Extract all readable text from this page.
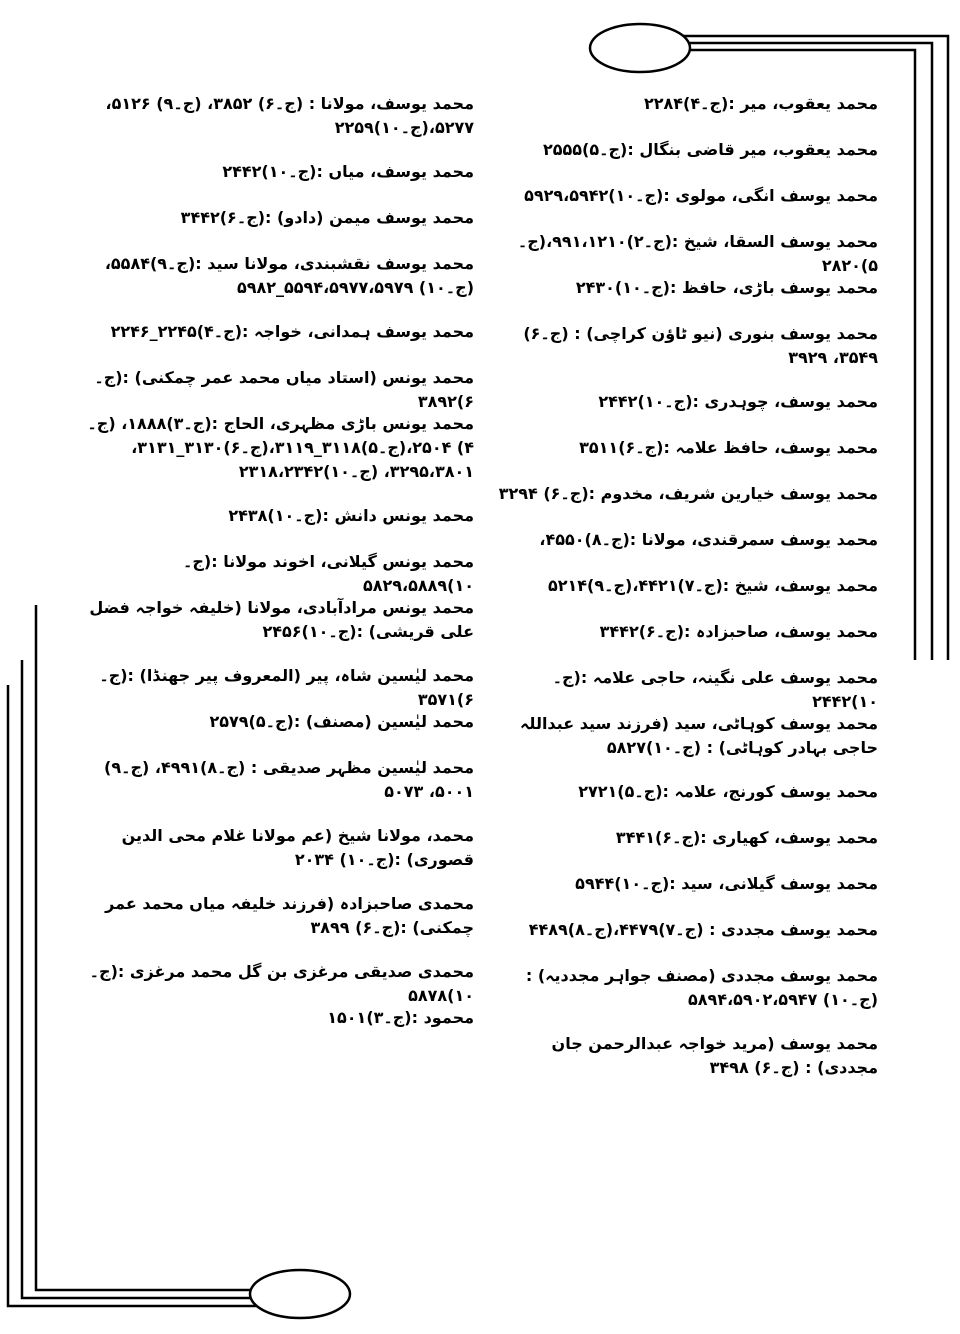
محمد یعقوب، میر :(ج۔۴)۲۲۸۴
محمد یعقوب، میر قاضی بنگال :(ج۔۵)۲۵۵۵
محمد یوسف انگی، مولوی :(ج۔۱۰)۵۹۲۹،۵۹۴۲
محمد یوسف السقا، شیخ :(ج۔۲)۹۹۱،۱۲۱۰،(ج۔۵)۲۸۲۰
محمد یوسف باڑی، حافظ :(ج۔۱۰)۲۴۳۰
محمد یوسف بنوری (نیو ٹاؤن کراچی) : (ج۔۶) ۳۵۴۹، ۳۹۲۹
محمد یوسف، چوہدری :(ج۔۱۰)۲۴۴۲
محمد یوسف، حافظ علامہ :(ج۔۶)۳۵۱۱
محمد یوسف خیارین شریف، مخدوم :(ج۔۶) ۳۲۹۴
محمد یوسف سمرقندی، مولانا :(ج۔۸)۴۵۵۰،
محمد یوسف، شیخ :(ج۔۷)۴۴۲۱،(ج۔۹)۵۲۱۴
محمد یوسف، صاحبزادہ :(ج۔۶)۳۴۴۲
محمد یوسف علی نگینہ، حاجی علامہ :(ج۔۱۰)۲۴۴۲
محمد یوسف کوہاٹی، سید (فرزند سید عبداللہ حاجی بہادر کوہاٹی) : (ج۔۱۰)۵۸۲۷
محمد یوسف کورنج، علامہ :(ج۔۵)۲۷۲۱
محمد یوسف، کھیاری :(ج۔۶)۳۴۴۱
محمد یوسف گیلانی، سید :(ج۔۱۰)۵۹۴۴
محمد یوسف مجددی : (ج۔۷)۴۴۷۹،(ج۔۸)۴۴۸۹
محمد یوسف مجددی (مصنف جواہر مجددیہ) : (ج۔۱۰) ۵۸۹۴،۵۹۰۲،۵۹۴۷
محمد یوسف (مرید خواجہ عبدالرحمن جان مجددی) : (ج۔۶) ۳۴۹۸
محمد یوسف، مولانا : (ج۔۶) ۳۸۵۲، (ج۔۹) ۵۱۲۶، ۵۲۷۷،(ج۔۱۰)۲۲۵۹
محمد یوسف، میاں :(ج۔۱۰)۲۴۴۲
محمد یوسف میمن (دادو) :(ج۔۶)۳۴۴۲
محمد یوسف نقشبندی، مولانا سید :(ج۔۹)۵۵۸۴،(ج۔۱۰) ۵۵۹۴،۵۹۷۷،۵۹۷۹_۵۹۸۲
محمد یوسف ہمدانی، خواجہ :(ج۔۴)۲۲۴۵_۲۲۴۶
محمد یونس (استاد میاں محمد عمر چمکنی) :(ج۔۶)۳۸۹۲
محمد یونس باڑی مظہری، الحاج :(ج۔۳)۱۸۸۸، (ج۔۴) ۲۵۰۴،(ج۔۵)۳۱۱۸_۳۱۱۹،(ج۔۶)۳۱۳۰_۳۱۳۱، ۳۲۹۵،۳۸۰۱، (ج۔۱۰)۲۳۱۸،۲۳۴۲
محمد یونس دانش :(ج۔۱۰)۲۴۳۸
محمد یونس گیلانی، اخوند مولانا :(ج۔۱۰)۵۸۲۹،۵۸۸۹
محمد یونس مرادآبادی، مولانا (خلیفہ خواجہ فضل علی قریشی) :(ج۔۱۰)۲۴۵۶
محمد لیٰسین شاہ، پیر (المعروف پیر جھنڈا) :(ج۔۶)۳۵۷۱
محمد لیٰسین (مصنف) :(ج۔۵)۲۵۷۹
محمد لیٰسین مظہر صدیقی : (ج۔۸)۴۹۹۱، (ج۔۹) ۵۰۰۱، ۵۰۷۳
محمد، مولانا شیخ (عم مولانا غلام محی الدین قصوری) :(ج۔۱۰) ۲۰۳۴
محمدی صاحبزادہ (فرزند خلیفہ میاں محمد عمر چمکنی) :(ج۔۶) ۳۸۹۹
محمدی صدیقی مرغزی بن گل محمد مرغزی :(ج۔۱۰)۵۸۷۸
محمود :(ج۔۳)۱۵۰۱
